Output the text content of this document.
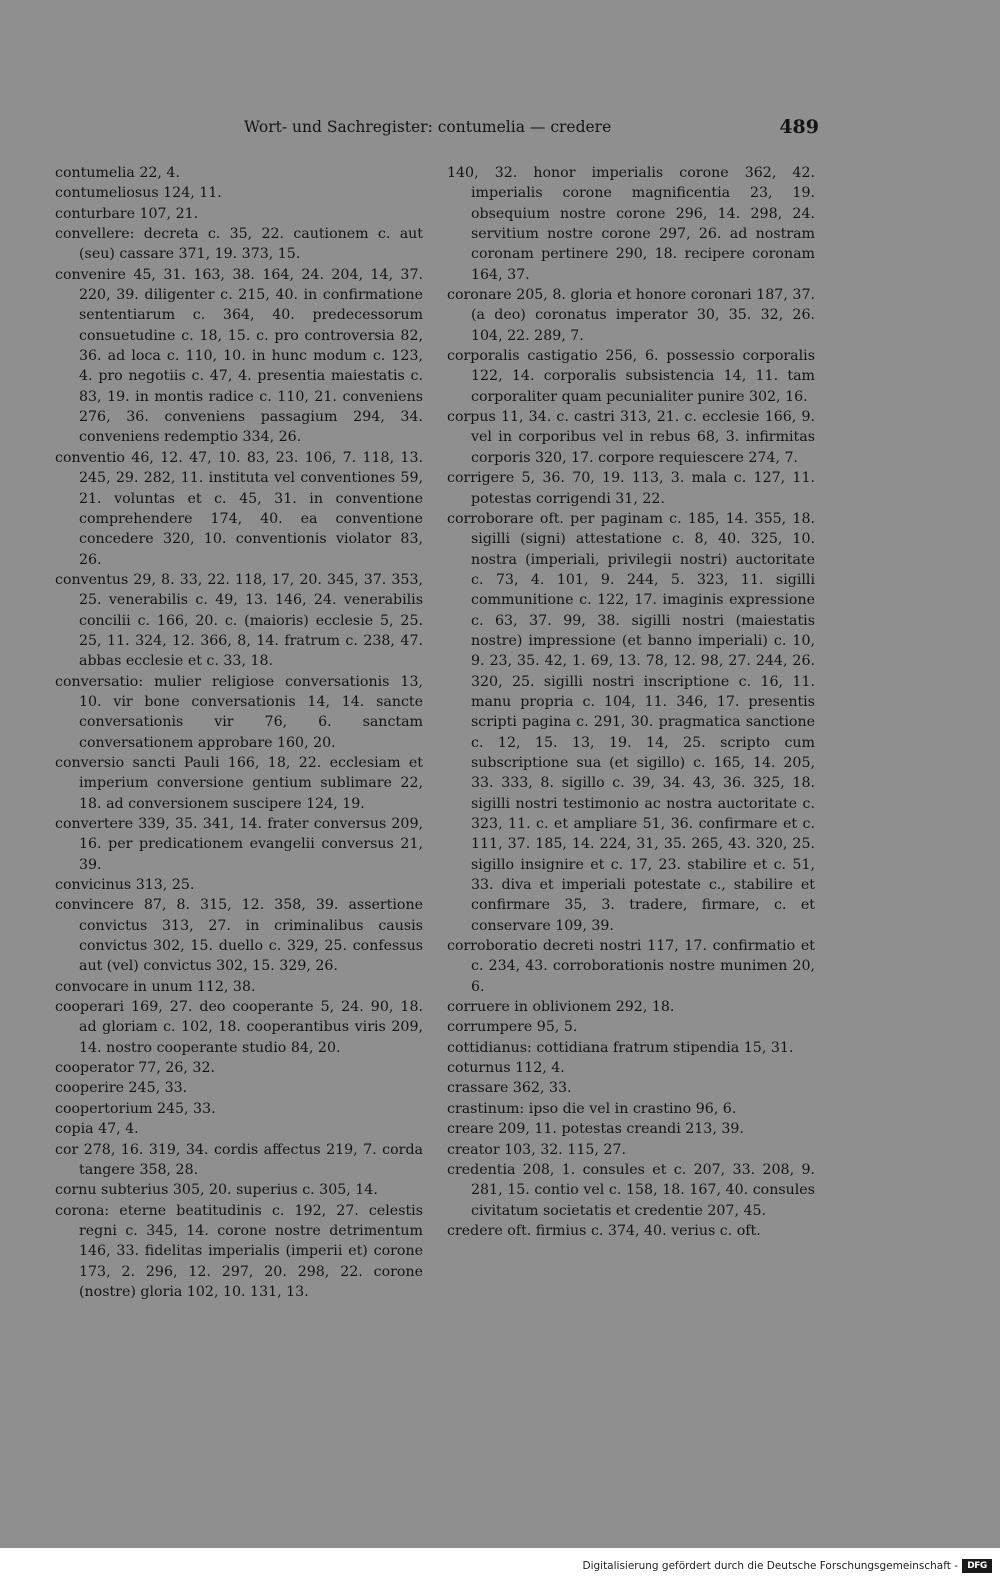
Wort- und Sachregister: contumelia — credere	489
contumelia 22, 4.
contumeliosus 124, 11.
conturbare 107, 21.
convellere: decreta c. 35, 22. cautionem c. aut (seu) cassare 371, 19. 373, 15.
convenire 45, 31. 163, 38. 164, 24. 204, 14, 37. 220, 39. diligenter c. 215, 40. in confirmatione sententiarum c. 364, 40. predecessorum consuetudine c. 18, 15. c. pro controversia 82, 36. ad loca c. 110, 10. in hunc modum c. 123, 4. pro negotiis c. 47, 4. presentia maiestatis c. 83, 19. in montis radice c. 110, 21. conveniens 276, 36. conveniens passagium 294, 34. conveniens redemptio 334, 26.
conventio 46, 12. 47, 10. 83, 23. 106, 7. 118, 13. 245, 29. 282, 11. instituta vel conventiones 59, 21. voluntas et c. 45, 31. in conventione comprehendere 174, 40. ea conventione concedere 320, 10. conventionis violator 83, 26.
conventus 29, 8. 33, 22. 118, 17, 20. 345, 37. 353, 25. venerabilis c. 49, 13. 146, 24. venerabilis concilii c. 166, 20. c. (maioris) ecclesie 5, 25. 25, 11. 324, 12. 366, 8, 14. fratrum c. 238, 47. abbas ecclesie et c. 33, 18.
conversatio: mulier religiose conversationis 13, 10. vir bone conversationis 14, 14. sancte conversationis vir 76, 6. sanctam conversationem approbare 160, 20.
conversio sancti Pauli 166, 18, 22. ecclesiam et imperium conversione gentium sublimare 22, 18. ad conversionem suscipere 124, 19.
convertere 339, 35. 341, 14. frater conversus 209, 16. per predicationem evangelii conversus 21, 39.
convicinus 313, 25.
convincere 87, 8. 315, 12. 358, 39. assertione convictus 313, 27. in criminalibus causis convictus 302, 15. duello c. 329, 25. confessus aut (vel) convictus 302, 15. 329, 26.
convocare in unum 112, 38.
cooperari 169, 27. deo cooperante 5, 24. 90, 18. ad gloriam c. 102, 18. cooperantibus viris 209, 14. nostro cooperante studio 84, 20.
cooperator 77, 26, 32.
cooperire 245, 33.
coopertorium 245, 33.
copia 47, 4.
cor 278, 16. 319, 34. cordis affectus 219, 7. corda tangere 358, 28.
cornu subterius 305, 20. superius c. 305, 14.
corona: eterne beatitudinis c. 192, 27. celestis regni c. 345, 14. corone nostre detrimentum 146, 33. fidelitas imperialis (imperii et) corone 173, 2. 296, 12. 297, 20. 298, 22. corone (nostre) gloria 102, 10. 131, 13.
140, 32. honor imperialis corone 362, 42. imperialis corone magnificentia 23, 19. obsequium nostre corone 296, 14. 298, 24. servitium nostre corone 297, 26. ad nostram coronam pertinere 290, 18. recipere coronam 164, 37.
coronare 205, 8. gloria et honore coronari 187, 37. (a deo) coronatus imperator 30, 35. 32, 26. 104, 22. 289, 7.
corporalis castigatio 256, 6. possessio corporalis 122, 14. corporalis subsistencia 14, 11. tam corporaliter quam pecunialiter punire 302, 16.
corpus 11, 34. c. castri 313, 21. c. ecclesie 166, 9. vel in corporibus vel in rebus 68, 3. infirmitas corporis 320, 17. corpore requiescere 274, 7.
corrigere 5, 36. 70, 19. 113, 3. mala c. 127, 11. potestas corrigendi 31, 22.
corroborare oft. per paginam c. 185, 14. 355, 18. sigilli (signi) attestatione c. 8, 40. 325, 10. nostra (imperiali, privilegii nostri) auctoritate c. 73, 4. 101, 9. 244, 5. 323, 11. sigilli communitione c. 122, 17. imaginis expressione c. 63, 37. 99, 38. sigilli nostri (maiestatis nostre) impressione (et banno imperiali) c. 10, 9. 23, 35. 42, 1. 69, 13. 78, 12. 98, 27. 244, 26. 320, 25. sigilli nostri inscriptione c. 16, 11. manu propria c. 104, 11. 346, 17. presentis scripti pagina c. 291, 30. pragmatica sanctione c. 12, 15. 13, 19. 14, 25. scripto cum subscriptione sua (et sigillo) c. 165, 14. 205, 33. 333, 8. sigillo c. 39, 34. 43, 36. 325, 18. sigilli nostri testimonio ac nostra auctoritate c. 323, 11. c. et ampliare 51, 36. confirmare et c. 111, 37. 185, 14. 224, 31, 35. 265, 43. 320, 25. sigillo insignire et c. 17, 23. stabilire et c. 51, 33. diva et imperiali potestate c., stabilire et confirmare 35, 3. tradere, firmare, c. et conservare 109, 39.
corroboratio decreti nostri 117, 17. confirmatio et c. 234, 43. corroborationis nostre munimen 20, 6.
corruere in oblivionem 292, 18.
corrumpere 95, 5.
cottidianus: cottidiana fratrum stipendia 15, 31.
coturnus 112, 4.
crassare 362, 33.
crastinum: ipso die vel in crastino 96, 6.
creare 209, 11. potestas creandi 213, 39.
creator 103, 32. 115, 27.
credentia 208, 1. consules et c. 207, 33. 208, 9. 281, 15. contio vel c. 158, 18. 167, 40. consules civitatum societatis et credentie 207, 45.
credere oft. firmius c. 374, 40. verius c. oft.
Digitalisierung gefördert durch die Deutsche Forschungsgemeinschaft -	DFG
